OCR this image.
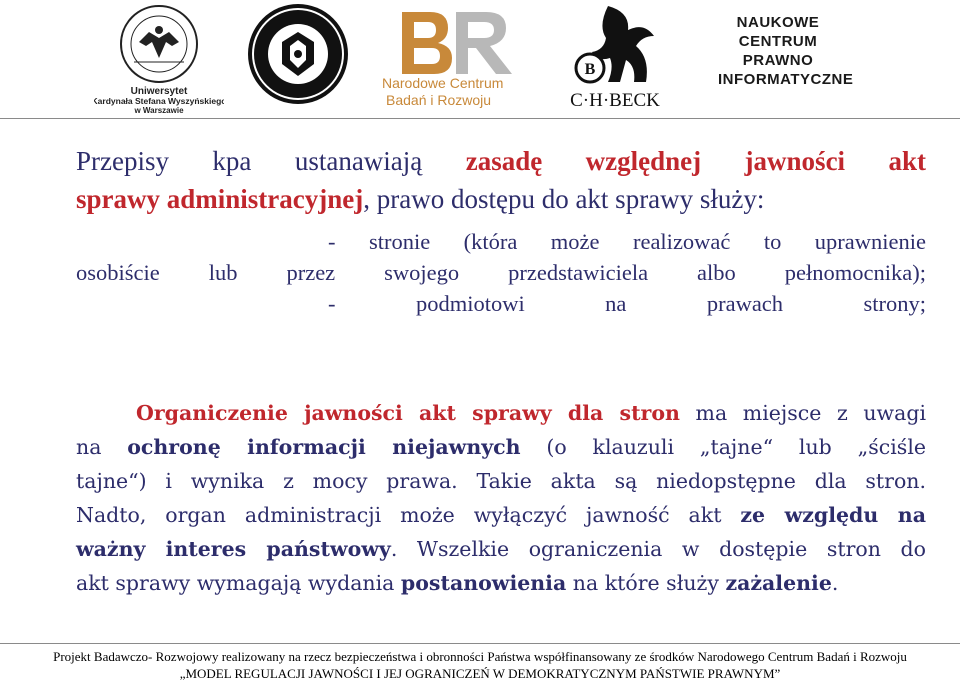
Uniwersytet
Kardynała Stefana Wyszyńskiego
w Warszawie
Narodowe Centrum
Badań i Rozwoju
B
C·H·BECK
NAUKOWE
CENTRUM
PRAWNO
INFORMATYCZNE
Przepisy kpa ustanawiają zasadę względnej jawności akt
sprawy administracyjnej, prawo dostępu do akt sprawy służy:
- stronie (która może realizować to uprawnienie
osobiście lub przez swojego przedstawiciela albo pełnomocnika);
- podmiotowi na prawach strony;
Organiczenie jawności akt sprawy dla stron ma miejsce z uwagi
na ochronę informacji niejawnych (o klauzuli „tajne“ lub „ściśle
tajne“) i wynika z mocy prawa. Takie akta są niedopstępne dla stron.
Nadto, organ administracji może wyłączyć jawność akt ze względu na
ważny interes państwowy. Wszelkie ograniczenia w dostępie stron do
akt sprawy wymagają wydania postanowienia na które służy zażalenie.
Projekt Badawczo- Rozwojowy realizowany na rzecz bezpieczeństwa i obronności Państwa współfinansowany ze środków Narodowego Centrum Badań i Rozwoju
„MODEL REGULACJI JAWNOŚCI I JEJ OGRANICZEŃ W DEMOKRATYCZNYM PAŃSTWIE PRAWNYM”
